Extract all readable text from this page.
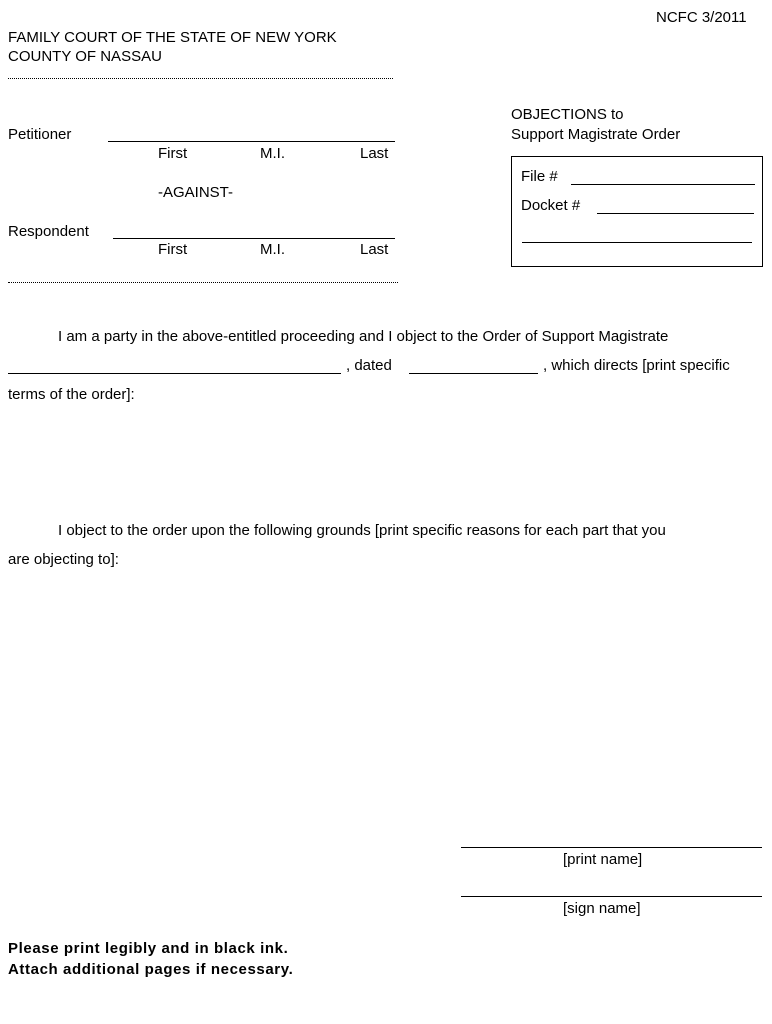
NCFC 3/2011
FAMILY COURT OF THE STATE OF NEW YORK
COUNTY OF NASSAU
Petitioner
First	M.I.	Last
-AGAINST-
Respondent
First	M.I.	Last
OBJECTIONS to
Support Magistrate Order
File #
Docket #
I am a party in the above-entitled proceeding and I object to the Order of Support Magistrate
, dated	, which directs [print specific
terms of the order]:
I object to the order upon the following grounds [print specific reasons for each part that you
are objecting to]:
[print name]
[sign name]
Please print legibly and in black ink.
Attach additional pages if necessary.
